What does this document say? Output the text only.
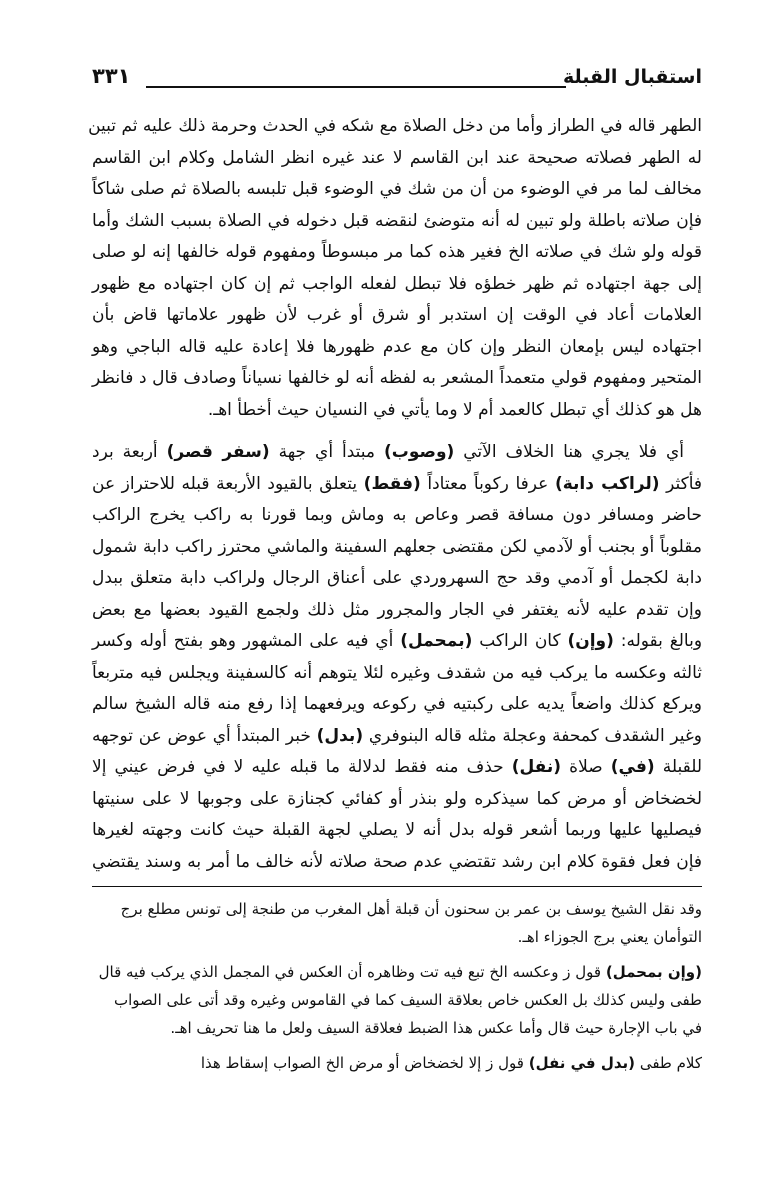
استقبال القبلة
٣٣١

الطهر قاله في الطراز وأما من دخل الصلاة مع شكه في الحدث وحرمة ذلك عليه ثم تبين
له الطهر فصلاته صحيحة عند ابن القاسم لا عند غيره انظر الشامل وكلام ابن القاسم
مخالف لما مر في الوضوء من أن من شك في الوضوء قبل تلبسه بالصلاة ثم صلى شاكاً
فإن صلاته باطلة ولو تبين له أنه متوضئ لنقضه قبل دخوله في الصلاة بسبب الشك وأما
قوله ولو شك في صلاته الخ فغير هذه كما مر مبسوطاً ومفهوم قوله خالفها إنه لو صلى
إلى جهة اجتهاده ثم ظهر خطؤه فلا تبطل لفعله الواجب ثم إن كان اجتهاده مع ظهور
العلامات أعاد في الوقت إن استدبر أو شرق أو غرب لأن ظهور علاماتها قاض بأن
اجتهاده ليس بإمعان النظر وإن كان مع عدم ظهورها فلا إعادة عليه قاله الباجي وهو
المتحير ومفهوم قولي متعمداً المشعر به لفظه أنه لو خالفها نسياناً وصادف قال د فانظر
هل هو كذلك أي تبطل كالعمد أم لا وما يأتي في النسيان حيث أخطأ اهـ.

أي فلا يجري هنا الخلاف الآتي (وصوب) مبتدأ أي جهة (سفر قصر) أربعة برد
فأكثر (لراكب دابة) عرفا ركوباً معتاداً (فقط) يتعلق بالقيود الأربعة قبله للاحتراز عن
حاضر ومسافر دون مسافة قصر وعاص به وماش وبما قورنا به راكب يخرج الراكب
مقلوباً أو بجنب أو لآدمي لكن مقتضى جعلهم السفينة والماشي محترز راكب دابة شمول
دابة لكجمل أو آدمي وقد حج السهروردي على أعناق الرجال ولراكب دابة متعلق ببدل
وإن تقدم عليه لأنه يغتفر في الجار والمجرور مثل ذلك ولجمع القيود بعضها مع بعض
وبالغ بقوله: (وإن) كان الراكب (بمحمل) أي فيه على المشهور وهو بفتح أوله وكسر
ثالثه وعكسه ما يركب فيه من شقدف وغيره لئلا يتوهم أنه كالسفينة ويجلس فيه متربعاً
ويركع كذلك واضعاً يديه على ركبتيه في ركوعه ويرفعهما إذا رفع منه قاله الشيخ سالم
وغير الشقدف كمحفة وعجلة مثله قاله البنوفري (بدل) خبر المبتدأ أي عوض عن توجهه
للقبلة (في) صلاة (نفل) حذف منه فقط لدلالة ما قبله عليه لا في فرض عيني إلا
لخضخاض أو مرض كما سيذكره ولو بنذر أو كفائي كجنازة على وجوبها لا على سنيتها
فيصليها عليها وربما أشعر قوله بدل أنه لا يصلي لجهة القبلة حيث كانت وجهته لغيرها
فإن فعل فقوة كلام ابن رشد تقتضي عدم صحة صلاته لأنه خالف ما أمر به وسند يقتضي

وقد نقل الشيخ يوسف بن عمر بن سحنون أن قبلة أهل المغرب من طنجة إلى تونس مطلع برج التوأمان يعني برج الجوزاء اهـ.

(وإن بمحمل) قول ز وعكسه الخ تبع فيه تت وظاهره أن العكس في المجمل الذي يركب فيه قال طفى وليس كذلك بل العكس خاص بعلاقة السيف كما في القاموس وغيره وقد أتى على الصواب في باب الإجارة حيث قال وأما عكس هذا الضبط فعلاقة السيف ولعل ما هنا تحريف اهـ.

كلام طفى (بدل في نفل) قول ز إلا لخضخاض أو مرض الخ الصواب إسقاط هذا
